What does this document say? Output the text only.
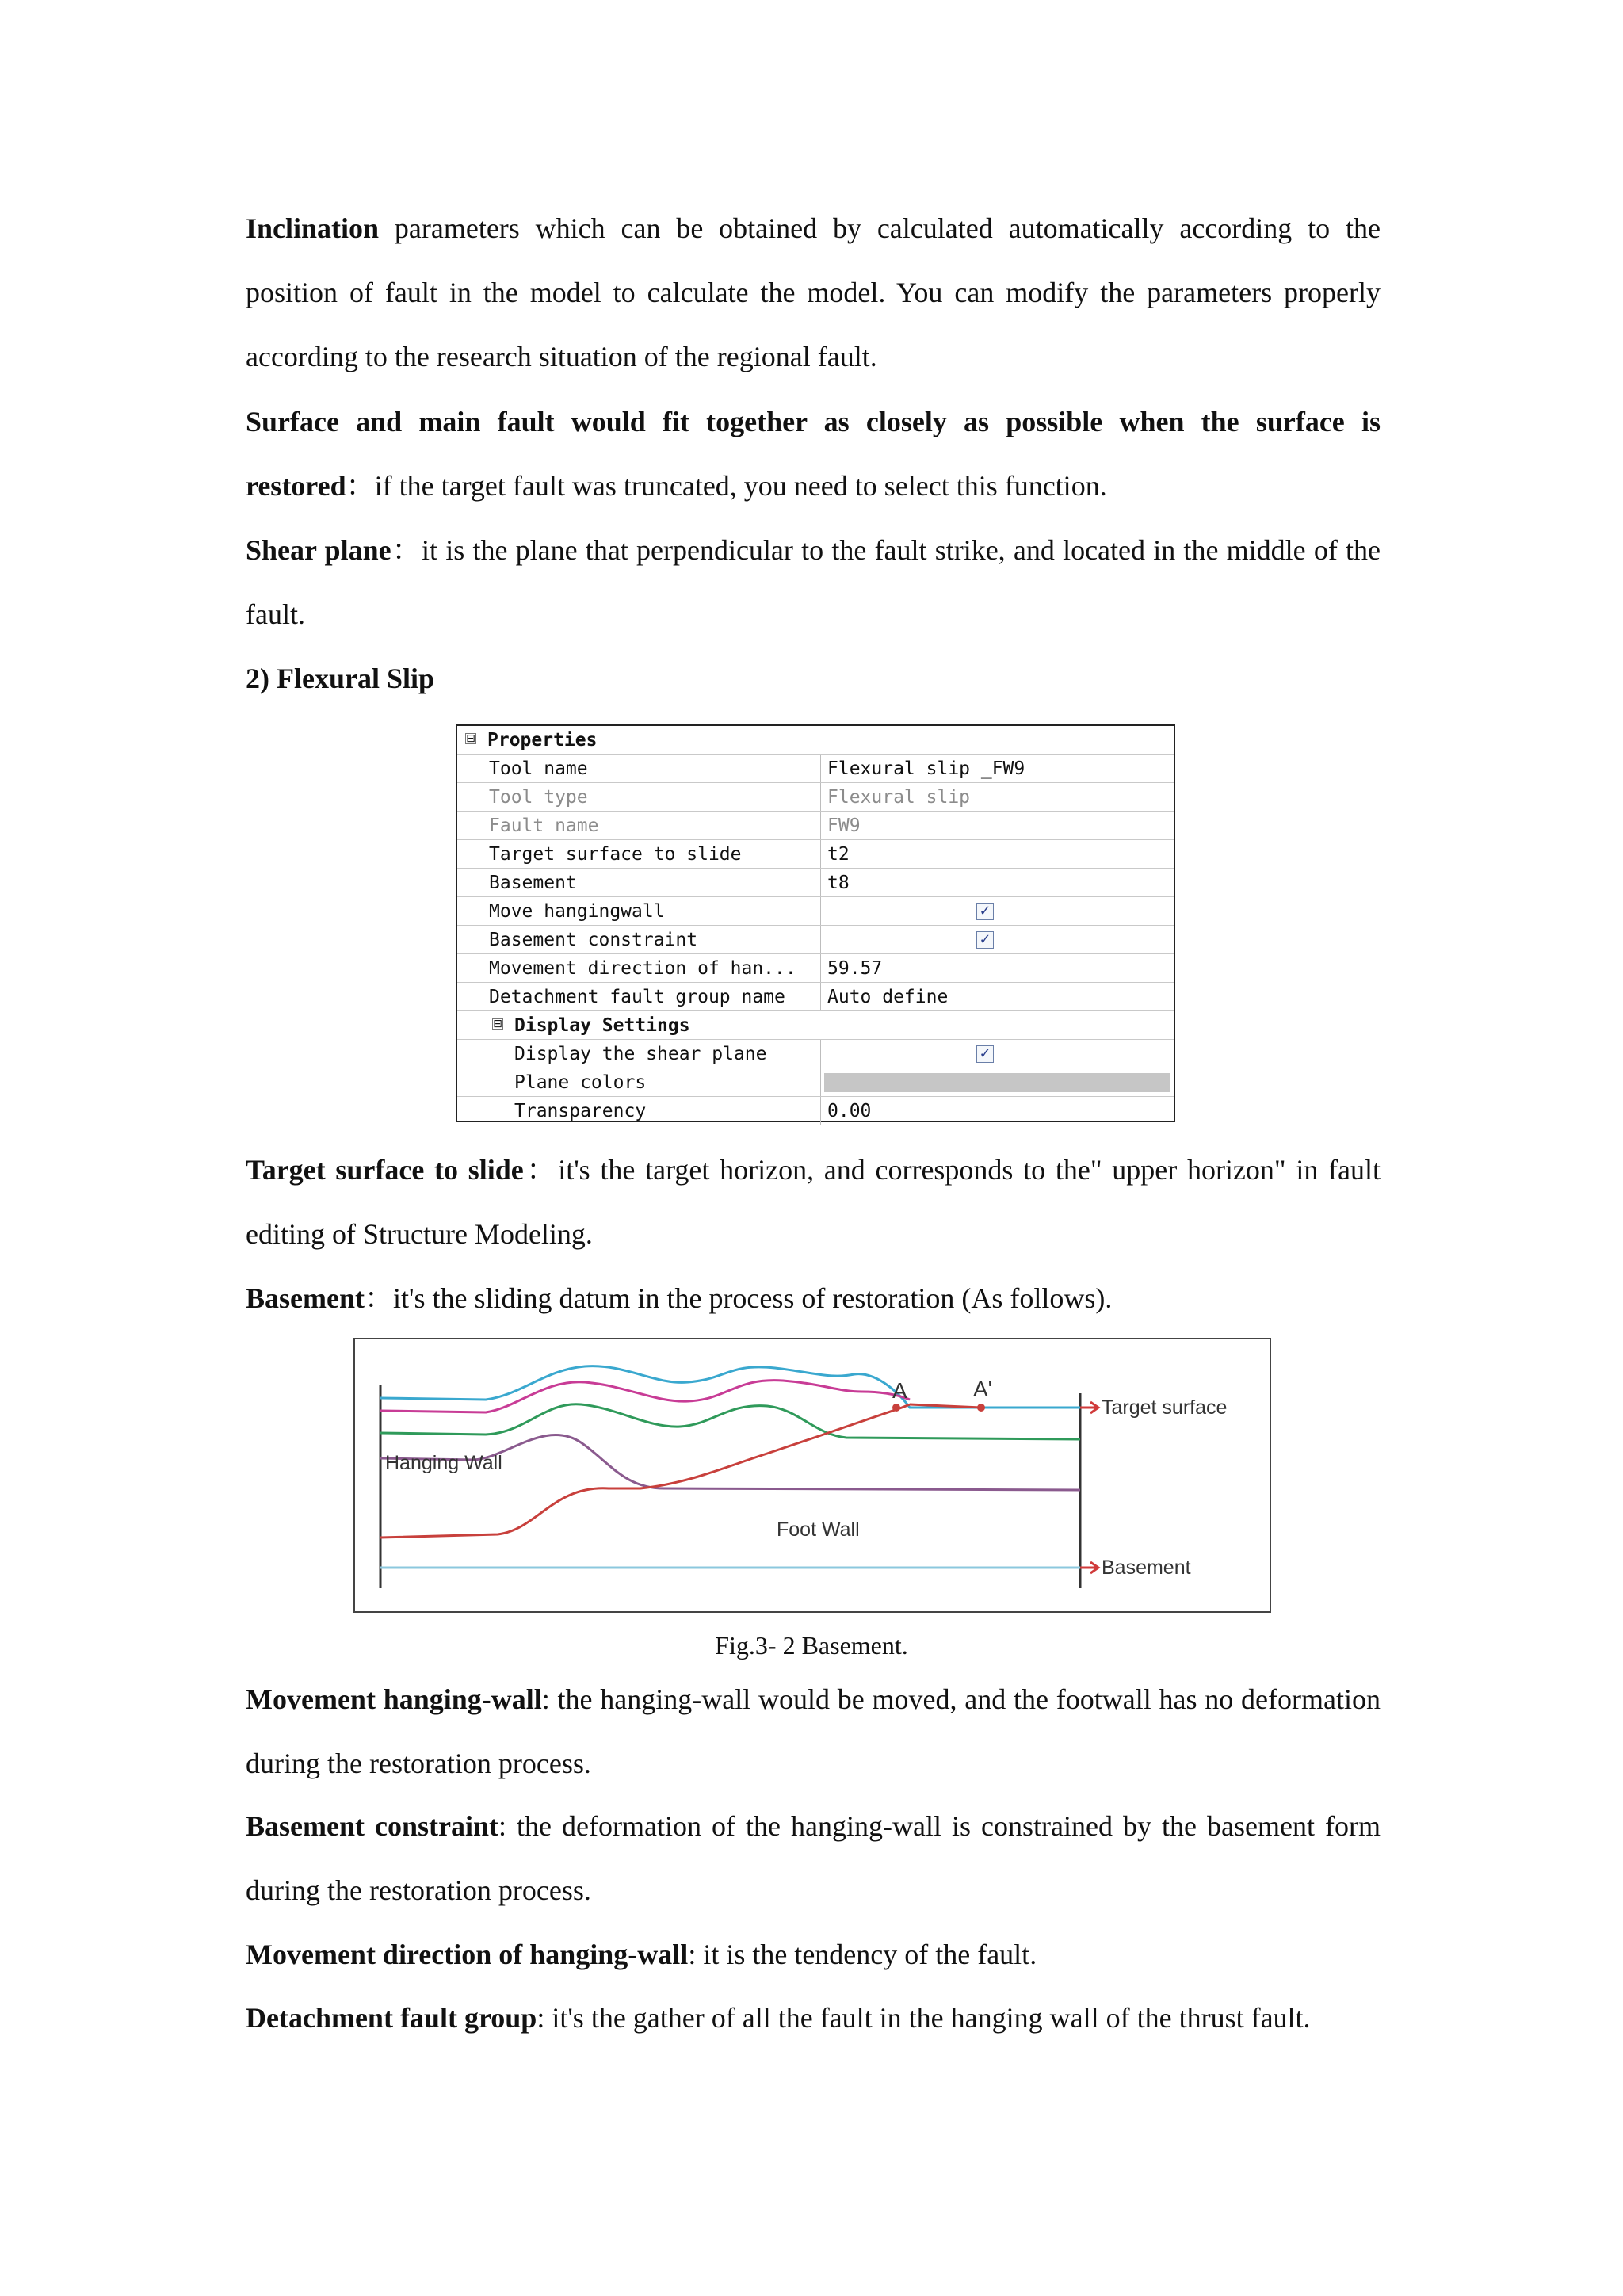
Inclination parameters which can be obtained by calculated automatically according to the position of fault in the model to calculate the model. You can modify the parameters properly according to the research situation of the regional fault.

Surface and main fault would fit together as closely as possible when the surface is restored：if the target fault was truncated, you need to select this function.

Shear plane：it is the plane that perpendicular to the fault strike, and located in the middle of the fault.

2) Flexural Slip

⊟ Properties
Tool name	Flexural slip _FW9
Tool type	Flexural slip
Fault name	FW9
Target surface to slide	t2
Basement	t8
Move hangingwall	✓
Basement constraint	✓
Movement direction of han...	59.57
Detachment fault group name	Auto define
⊟ Display Settings
Display the shear plane	✓
Plane colors
Transparency	0.00

Target surface to slide：it's the target horizon, and corresponds to the" upper horizon" in fault editing of Structure Modeling.

Basement：it's the sliding datum in the process of restoration (As follows).

A	A'
Target surface
Basement
Hanging Wall
Foot Wall

Fig.3- 2 Basement.

Movement hanging-wall: the hanging-wall would be moved, and the footwall has no deformation during the restoration process.

Basement constraint: the deformation of the hanging-wall is constrained by the basement form during the restoration process.

Movement direction of hanging-wall: it is the tendency of the fault.

Detachment fault group: it's the gather of all the fault in the hanging wall of the thrust fault.
